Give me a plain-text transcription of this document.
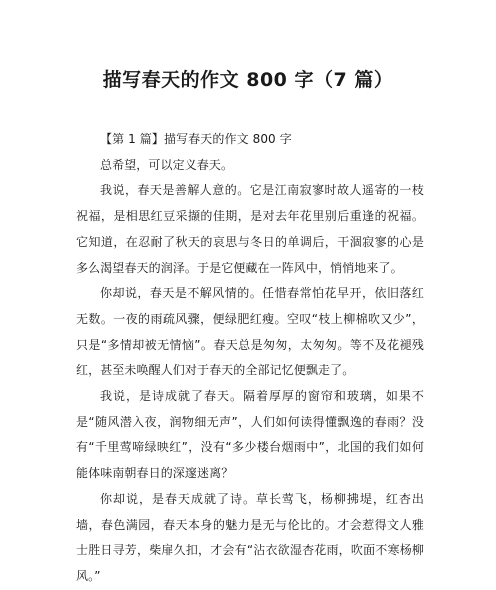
描写春天的作文 800 字（7 篇）

【第 1 篇】描写春天的作文 800 字

总希望，可以定义春天。

我说，春天是善解人意的。它是江南寂寥时故人遥寄的一枝祝福，是相思红豆采撷的佳期，是对去年花里别后重逢的祝福。它知道，在忍耐了秋天的哀思与冬日的单调后，干涸寂寥的心是多么渴望春天的润泽。于是它便藏在一阵风中，悄悄地来了。

你却说，春天是不解风情的。任惜春常怕花早开，依旧落红无数。一夜的雨疏风骤，便绿肥红瘦。空叹“枝上柳棉吹又少”，只是“多情却被无情恼”。春天总是匆匆，太匆匆。等不及花褪残红，甚至未唤醒人们对于春天的全部记忆便飘走了。

我说，是诗成就了春天。隔着厚厚的窗帘和玻璃，如果不是“随风潜入夜，润物细无声”，人们如何读得懂飘逸的春雨？没有“千里莺啼绿映红”，没有“多少楼台烟雨中”，北国的我们如何能体味南朝春日的深邃迷离？

你却说，是春天成就了诗。草长莺飞，杨柳拂堤，红杏出墙，春色满园，春天本身的魅力是无与伦比的。才会惹得文人雅士胜日寻芳，柴扉久扣，才会有“沾衣欲湿杏花雨，吹面不寒杨柳风。”
